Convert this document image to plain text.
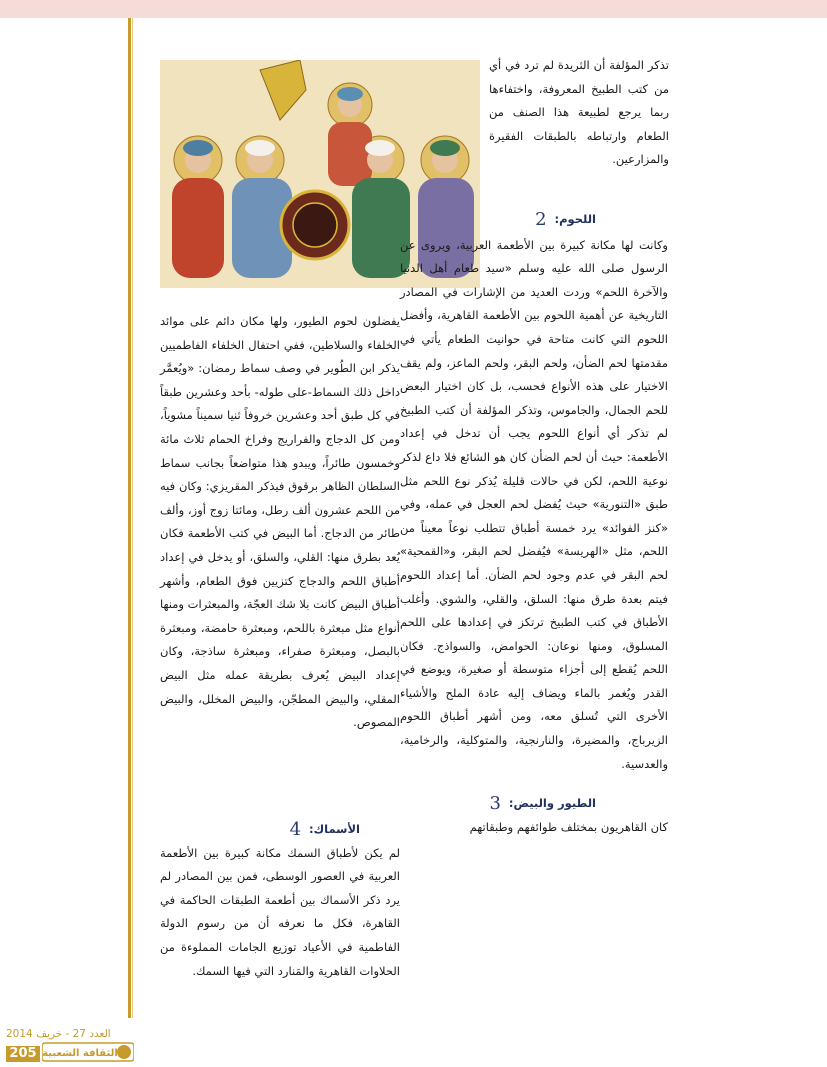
تذكر المؤلفة أن الثريدة لم ترد في أي من كتب الطبيخ المعروفة، واختفاءها ربما يرجع لطبيعة هذا الصنف من الطعام وارتباطه بالطبقات الفقيرة والمزارعين.

اللحوم:
2

وكانت لها مكانة كبيرة بين الأطعمة العربية، ويروى عن الرسول صلى الله عليه وسلم «سيد طعام أهل الدنيا والآخرة اللحم» وردت العديد من الإشارات في المصادر التاريخية عن أهمية اللحوم بين الأطعمة القاهرية، وأفضل اللحوم التي كانت متاحة في حوانيت الطعام يأتي في مقدمتها لحم الضأن، ولحم البقر، ولحم الماعز، ولم يقف الاختيار على هذه الأنواع فحسب، بل كان اختيار البعض للحم الجمال، والجاموس، وتذكر المؤلفة أن كتب الطبيخ لم تذكر أي أنواع اللحوم يجب أن تدخل في إعداد الأطعمة: حيث أن لحم الضأن كان هو الشائع فلا داع لذكر نوعية اللحم، لكن في حالات قليلة يُذكر نوع اللحم مثل طبق «التنورية» حيث يُفضل لحم العجل في عمله، وفي «كنز الفوائد» يرد خمسة أطباق تتطلب نوعاً معيناً من اللحم، مثل «الهريسة» فيُفضل لحم البقر، و«القمحية» لحم البقر في عدم وجود لحم الضأن. أما إعداد اللحوم فيتم بعدة طرق منها: السلق، والقلي، والشوي. وأغلب الأطباق في كتب الطبيخ ترتكز في إعدادها على اللحم المسلوق، ومنها نوعان: الحوامض، والسواذج. فكان اللحم يُقطع إلى أجزاء متوسطة أو صغيرة، ويوضع في القدر ويُغمر بالماء ويضاف إليه عادة الملح والأشياء الأخرى التي تُسلق معه، ومن أشهر أطباق اللحوم الزيرباج، والمضيرة، والنارنجية، والمتوكلية، والرخامية، والعدسية.

الطيور والبيض:
3

كان القاهريون بمختلف طوائفهم وطبقاتهم

يفضلون لحوم الطيور، ولها مكان دائم على موائد الخلفاء والسلاطين، ففي احتفال الخلفاء الفاطميين يذكر ابن الطُوير في وصف سماط رمضان: «ويُعمَّر داخل ذلك السماط-على طوله- بأحد وعشرين طبقاً في كل طبق أحد وعشرين خروفاً ثنيا سميناً مشوياً، ومن كل الدجاج والفراريج وفراخ الحمام ثلاث مائة وخمسون طائراً، ويبدو هذا متواضعاً بجانب سماط السلطان الظاهر برقوق فيذكر المقريزي: وكان فيه من اللحم عشرون ألف رطل، ومائتا زوج أوز، وألف طائر من الدجاج. أما البيض في كتب الأطعمة فكان يُعد بطرق منها: القلي، والسلق، أو يدخل في إعداد أطباق اللحم والدجاج كتزيين فوق الطعام، وأشهر أطباق البيض كانت بلا شك العجّة، والمبعثرات ومنها أنواع مثل مبعثرة باللحم، ومبعثرة حامضة، ومبعثرة بالبصل، ومبعثرة صفراء، ومبعثرة ساذجة، وكان إعداد البيض يُعرف بطريقة عمله مثل البيض المقلي، والبيض المطجّن، والبيض المخلل، والبيض المصوص.

الأسماك:
4

لم يكن لأطباق السمك مكانة كبيرة بين الأطعمة العربية في العصور الوسطى، فمن بين المصادر لم يرد ذكر الأسماك بين أطعمة الطبقات الحاكمة في القاهرة، فكل ما نعرفه أن من رسوم الدولة الفاطمية في الأعياد توزيع الجامات المملوءة من الحلاوات القاهرية والمَنارد التي فيها السمك.

العدد 27 - خريف 2014
205 الثقافة الشعبية
